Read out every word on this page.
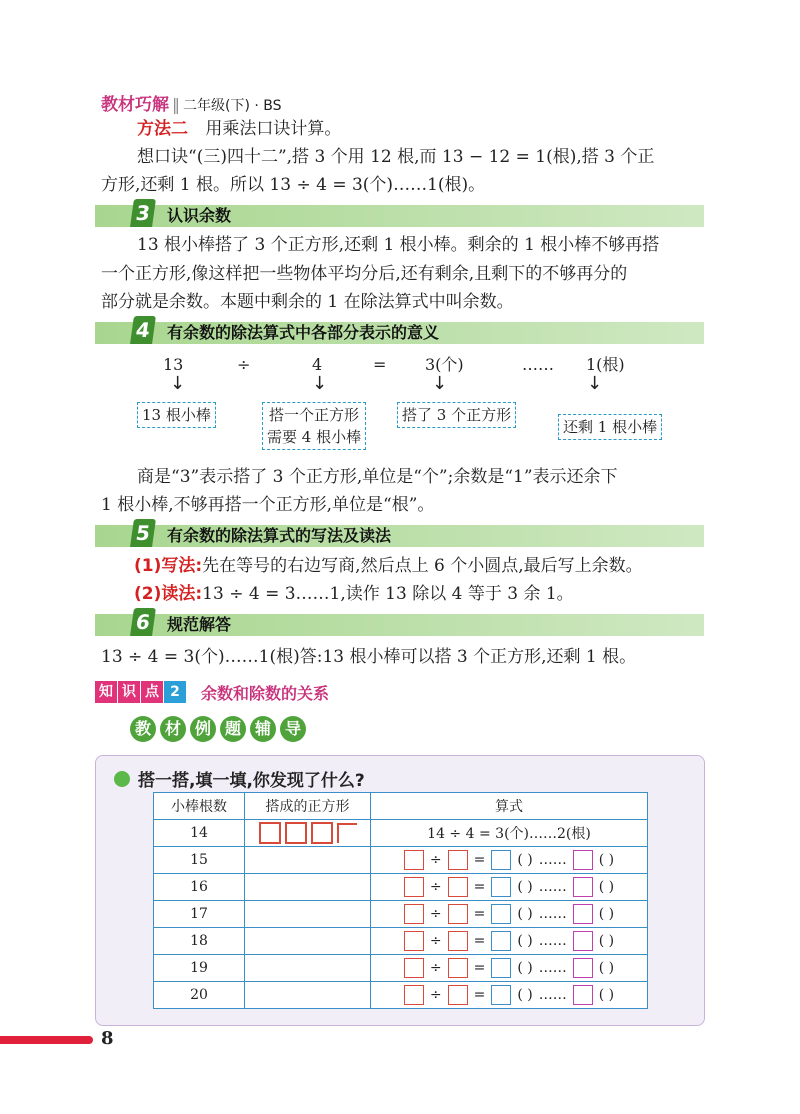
教材巧解 ‖ 二年级(下) · BS
方法二 用乘法口诀计算。
想口诀“(三)四十二”,搭 3 个用 12 根,而 13 − 12 = 1(根),搭 3 个正
方形,还剩 1 根。所以 13 ÷ 4 = 3(个)……1(根)。
3 认识余数
13 根小棒搭了 3 个正方形,还剩 1 根小棒。剩余的 1 根小棒不够再搭
一个正方形,像这样把一些物体平均分后,还有剩余,且剩下的不够再分的
部分就是余数。本题中剩余的 1 在除法算式中叫余数。
4 有余数的除法算式中各部分表示的意义
13	÷	4	= 3(个)	…… 1(根)
↓	↓	↓	↓
13 根小棒	搭一个正方形
需要 4 根小棒
搭了 3 个正方形
还剩 1 根小棒
商是“3”表示搭了 3 个正方形,单位是“个”;余数是“1”表示还余下
1 根小棒,不够再搭一个正方形,单位是“根”。
5 有余数的除法算式的写法及读法
(1)写法:先在等号的右边写商,然后点上 6 个小圆点,最后写上余数。
(2)读法:13 ÷ 4 = 3……1,读作 13 除以 4 等于 3 余 1。
6 规范解答
13 ÷ 4 = 3(个)……1(根)答:13 根小棒可以搭 3 个正方形,还剩 1 根。
知 识 点 2	余数和除数的关系
教 材 例 题 辅 导
搭一搭,填一填,你发现了什么?
小棒根数	搭成的正方形	算式
14		14 ÷ 4 = 3(个)……2(根)
15		÷ = ( ) …… ( )

16		÷ = ( ) …… ( )

17		÷ = ( ) …… ( )

18		÷ = ( ) …… ( )

19		÷ = ( ) …… ( )

20		÷ = ( ) …… ( )
8
